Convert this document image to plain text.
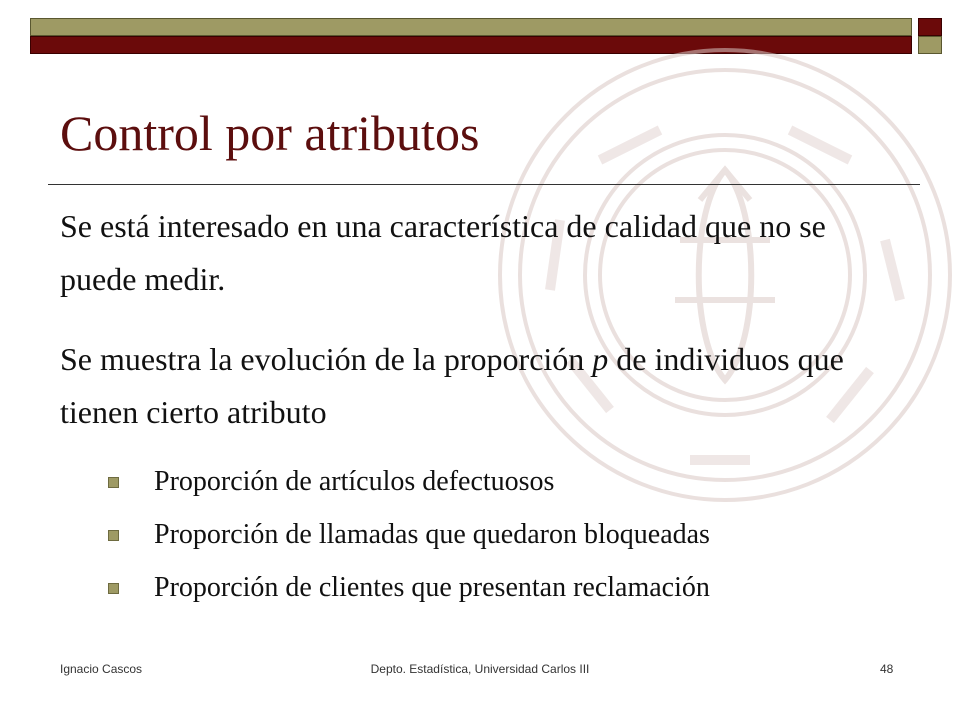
Control por atributos

Se está interesado en una característica de calidad que no se puede medir.

Se muestra la evolución de la proporción p de individuos que tienen cierto atributo

Proporción de artículos defectuosos
Proporción de llamadas que quedaron bloqueadas
Proporción de clientes que presentan reclamación
Ignacio Cascos	Depto. Estadística, Universidad Carlos III	48
